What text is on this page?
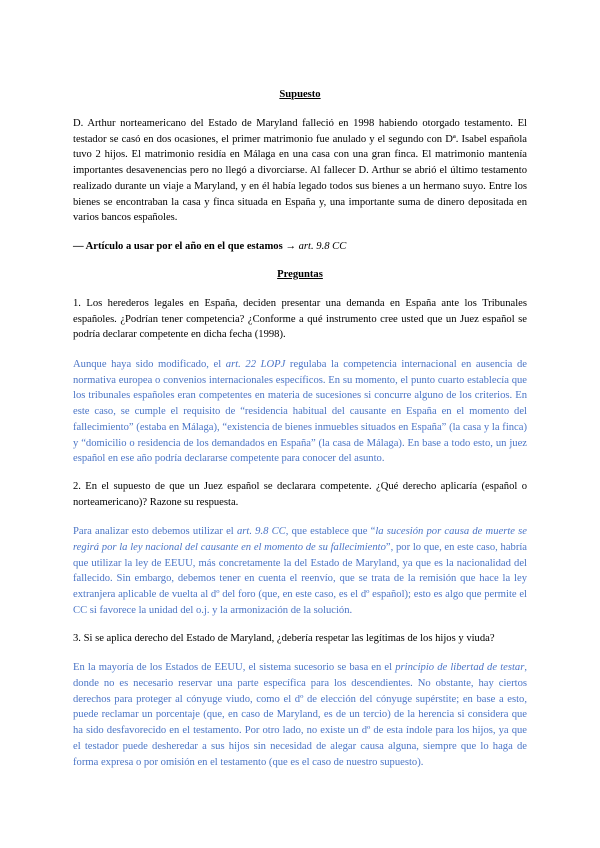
Supuesto

D. Arthur norteamericano del Estado de Maryland falleció en 1998 habiendo otorgado testamento. El testador se casó en dos ocasiones, el primer matrimonio fue anulado y el segundo con Dª. Isabel española tuvo 2 hijos. El matrimonio residía en Málaga en una casa con una gran finca. El matrimonio mantenía importantes desavenencias pero no llegó a divorciarse. Al fallecer D. Arthur se abrió el último testamento realizado durante un viaje a Maryland, y en él había legado todos sus bienes a un hermano suyo. Entre los bienes se encontraban la casa y finca situada en España y, una importante suma de dinero depositada en varios bancos españoles.

— Artículo a usar por el año en el que estamos → art. 9.8 CC

Preguntas

1. Los herederos legales en España, deciden presentar una demanda en España ante los Tribunales españoles. ¿Podrían tener competencia? ¿Conforme a qué instrumento cree usted que un Juez español se podría declarar competente en dicha fecha (1998).

Aunque haya sido modificado, el art. 22 LOPJ regulaba la competencia internacional en ausencia de normativa europea o convenios internacionales específicos. En su momento, el punto cuarto establecía que los tribunales españoles eran competentes en materia de sucesiones si concurre alguno de los criterios. En este caso, se cumple el requisito de “residencia habitual del causante en España en el momento del fallecimiento” (estaba en Málaga), “existencia de bienes inmuebles situados en España” (la casa y la finca) y “domicilio o residencia de los demandados en España” (la casa de Málaga). En base a todo esto, un juez español en ese año podría declararse competente para conocer del asunto.

2. En el supuesto de que un Juez español se declarara competente. ¿Qué derecho aplicaría (español o norteamericano)? Razone su respuesta.

Para analizar esto debemos utilizar el art. 9.8 CC, que establece que “la sucesión por causa de muerte se regirá por la ley nacional del causante en el momento de su fallecimiento”, por lo que, en este caso, habría que utilizar la ley de EEUU, más concretamente la del Estado de Maryland, ya que es la nacionalidad del fallecido. Sin embargo, debemos tener en cuenta el reenvío, que se trata de la remisión que hace la ley extranjera aplicable de vuelta al dº del foro (que, en este caso, es el dº español); esto es algo que permite el CC si favorece la unidad del o.j. y la armonización de la solución.

3. Si se aplica derecho del Estado de Maryland, ¿debería respetar las legítimas de los hijos y viuda?

En la mayoría de los Estados de EEUU, el sistema sucesorio se basa en el principio de libertad de testar, donde no es necesario reservar una parte específica para los descendientes. No obstante, hay ciertos derechos para proteger al cónyuge viudo, como el dº de elección del cónyuge supérstite; en base a esto, puede reclamar un porcentaje (que, en caso de Maryland, es de un tercio) de la herencia si considera que ha sido desfavorecido en el testamento. Por otro lado, no existe un dº de esta índole para los hijos, ya que el testador puede desheredar a sus hijos sin necesidad de alegar causa alguna, siempre que lo haga de forma expresa o por omisión en el testamento (que es el caso de nuestro supuesto).
